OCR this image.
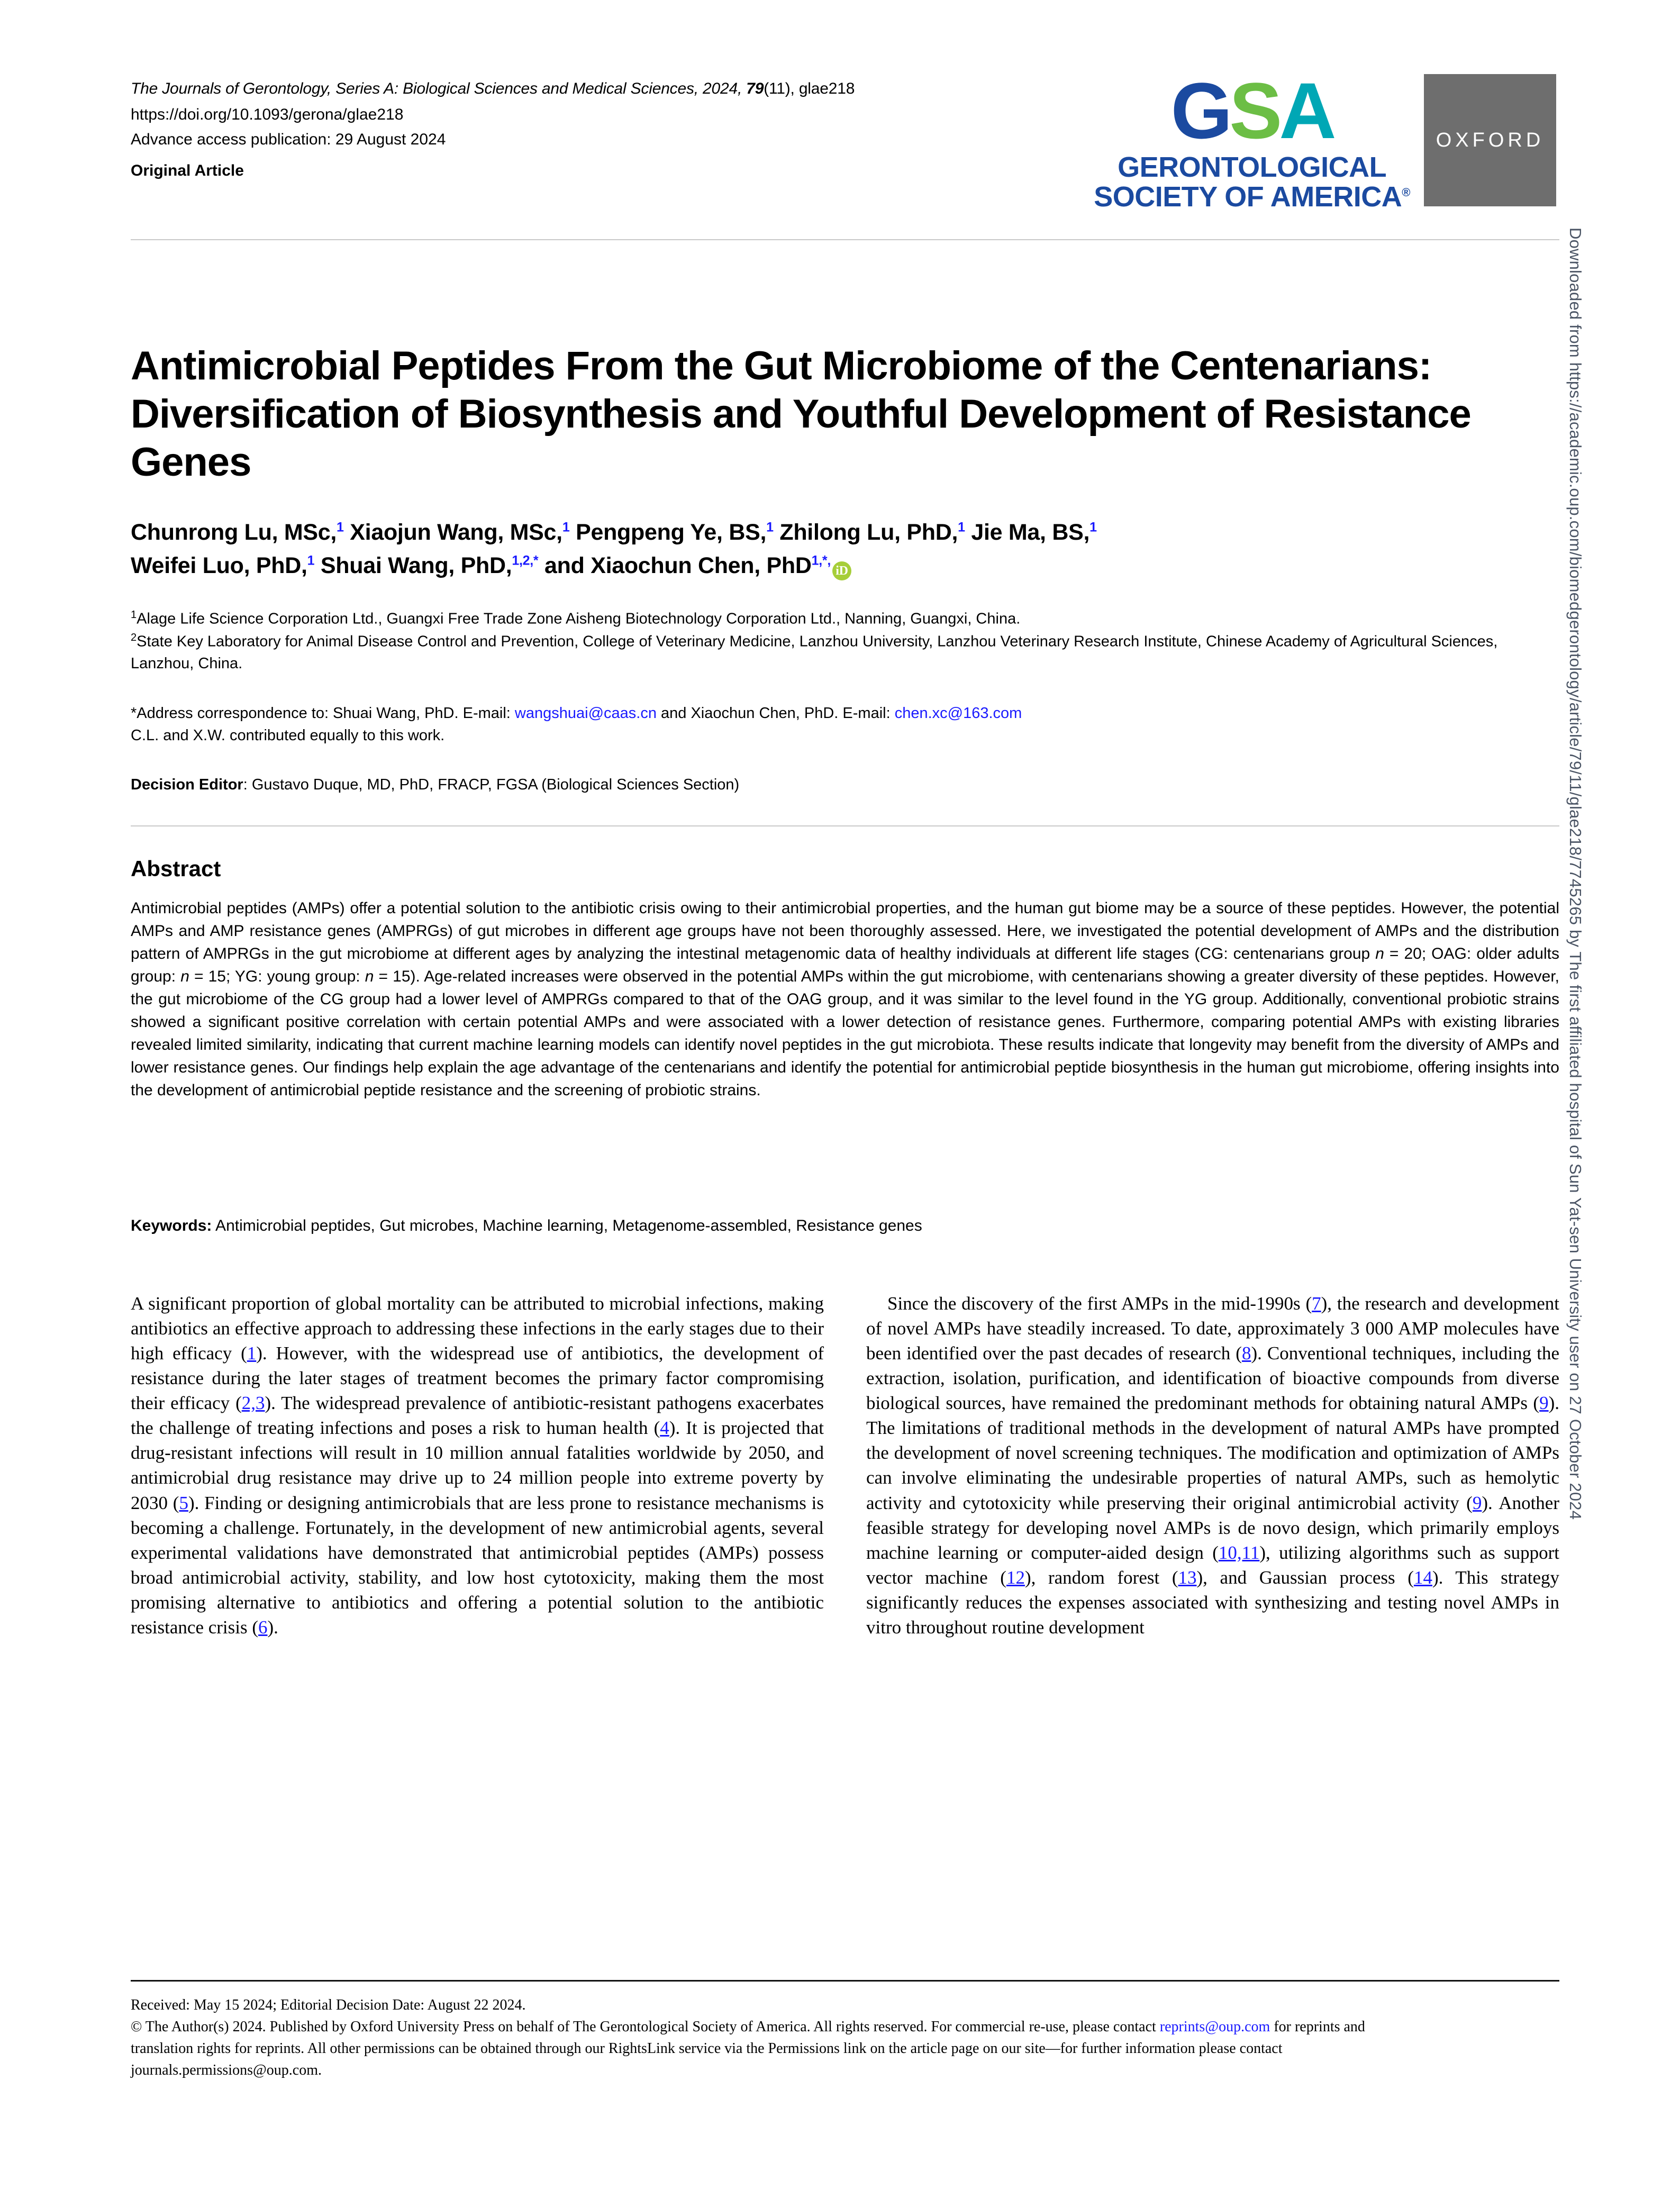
The Journals of Gerontology, Series A: Biological Sciences and Medical Sciences, 2024, 79(11), glae218
https://doi.org/10.1093/gerona/glae218
Advance access publication: 29 August 2024
Original Article
GSA
GERONTOLOGICAL
SOCIETY OF AMERICA®
OXFORD
Antimicrobial Peptides From the Gut Microbiome of the Centenarians: Diversification of Biosynthesis and Youthful Development of Resistance Genes
Chunrong Lu, MSc,$^1$ Xiaojun Wang, MSc,$^1$ Pengpeng Ye, BS,$^1$ Zhilong Lu, PhD,$^1$ Jie Ma, BS,$^1$
Weifei Luo, PhD,$^1$ Shuai Wang, PhD,$^{1,2,*}$ and Xiaochun Chen, PhD$^{1,*,}$iD

$^1$Alage Life Science Corporation Ltd., Guangxi Free Trade Zone Aisheng Biotechnology Corporation Ltd., Nanning, Guangxi, China.

$^2$State Key Laboratory for Animal Disease Control and Prevention, College of Veterinary Medicine, Lanzhou University, Lanzhou Veterinary Research Institute, Chinese Academy of Agricultural Sciences, Lanzhou, China.

*Address correspondence to: Shuai Wang, PhD. E-mail: wangshuai@caas.cn and Xiaochun Chen, PhD. E-mail: chen.xc@163.com

C.L. and X.W. contributed equally to this work.

Decision Editor: Gustavo Duque, MD, PhD, FRACP, FGSA (Biological Sciences Section)
Abstract
Antimicrobial peptides (AMPs) offer a potential solution to the antibiotic crisis owing to their antimicrobial properties, and the human gut biome may be a source of these peptides. However, the potential AMPs and AMP resistance genes (AMPRGs) of gut microbes in different age groups have not been thoroughly assessed. Here, we investigated the potential development of AMPs and the distribution pattern of AMPRGs in the gut microbiome at different ages by analyzing the intestinal metagenomic data of healthy individuals at different life stages (CG: centenarians group n = 20; OAG: older adults group: n = 15; YG: young group: n = 15). Age-related increases were observed in the potential AMPs within the gut microbiome, with centenarians showing a greater diversity of these peptides. However, the gut microbiome of the CG group had a lower level of AMPRGs compared to that of the OAG group, and it was similar to the level found in the YG group. Additionally, conventional probiotic strains showed a significant positive correlation with certain potential AMPs and were associated with a lower detection of resistance genes. Furthermore, comparing potential AMPs with existing libraries revealed limited similarity, indicating that current machine learning models can identify novel peptides in the gut microbiota. These results indicate that longevity may benefit from the diversity of AMPs and lower resistance genes. Our findings help explain the age advantage of the centenarians and identify the potential for antimicrobial peptide biosynthesis in the human gut microbiome, offering insights into the development of antimicrobial peptide resistance and the screening of probiotic strains.
Keywords: Antimicrobial peptides, Gut microbes, Machine learning, Metagenome-assembled, Resistance genes

A significant proportion of global mortality can be attributed to microbial infections, making antibiotics an effective approach to addressing these infections in the early stages due to their high efficacy (1). However, with the widespread use of antibiotics, the development of resistance during the later stages of treatment becomes the primary factor compromising their efficacy (2,3). The widespread prevalence of antibiotic-resistant pathogens exacerbates the challenge of treating infections and poses a risk to human health (4). It is projected that drug-resistant infections will result in 10 million annual fatalities worldwide by 2050, and antimicrobial drug resistance may drive up to 24 million people into extreme poverty by 2030 (5). Finding or designing antimicrobials that are less prone to resistance mechanisms is becoming a challenge. Fortunately, in the development of new antimicrobial agents, several experimental validations have demonstrated that antimicrobial peptides (AMPs) possess broad antimicrobial activity, stability, and low host cytotoxicity, making them the most promising alternative to antibiotics and offering a potential solution to the antibiotic resistance crisis (6).

Since the discovery of the first AMPs in the mid-1990s (7), the research and development of novel AMPs have steadily increased. To date, approximately 3 000 AMP molecules have been identified over the past decades of research (8). Conventional techniques, including the extraction, isolation, purification, and identification of bioactive compounds from diverse biological sources, have remained the predominant methods for obtaining natural AMPs (9). The limitations of traditional methods in the development of natural AMPs have prompted the development of novel screening techniques. The modification and optimization of AMPs can involve eliminating the undesirable properties of natural AMPs, such as hemolytic activity and cytotoxicity while preserving their original antimicrobial activity (9). Another feasible strategy for developing novel AMPs is de novo design, which primarily employs machine learning or computer-aided design (10,11), utilizing algorithms such as support vector machine (12), random forest (13), and Gaussian process (14). This strategy significantly reduces the expenses associated with synthesizing and testing novel AMPs in vitro throughout routine development

Received: May 15 2024; Editorial Decision Date: August 22 2024.

© The Author(s) 2024. Published by Oxford University Press on behalf of The Gerontological Society of America. All rights reserved. For commercial re-use, please contact reprints@oup.com for reprints and translation rights for reprints. All other permissions can be obtained through our RightsLink service via the Permissions link on the article page on our site—for further information please contact journals.permissions@oup.com.

Downloaded from https://academic.oup.com/biomedgerontology/article/79/11/glae218/7745265 by The first affiliated hospital of Sun Yat-sen University user on 27 October 2024
